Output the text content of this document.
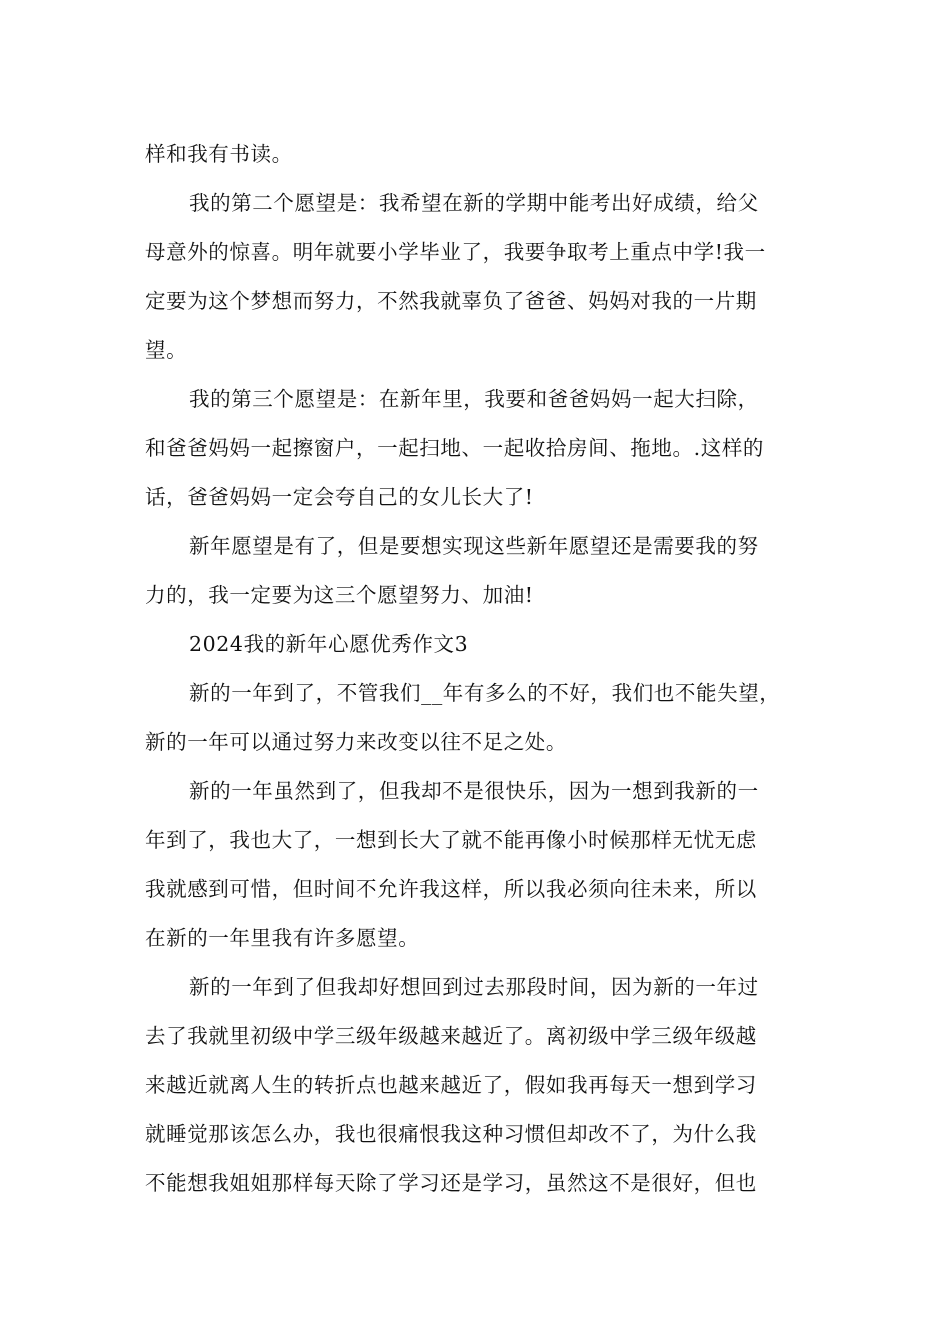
样和我有书读。
我的第二个愿望是：我希望在新的学期中能考出好成绩，给父
母意外的惊喜。明年就要小学毕业了，我要争取考上重点中学!我一
定要为这个梦想而努力，不然我就辜负了爸爸、妈妈对我的一片期
望。
我的第三个愿望是：在新年里，我要和爸爸妈妈一起大扫除，
和爸爸妈妈一起擦窗户，一起扫地、一起收拾房间、拖地。.这样的
话，爸爸妈妈一定会夸自己的女儿长大了!
新年愿望是有了，但是要想实现这些新年愿望还是需要我的努
力的，我一定要为这三个愿望努力、加油!
2024我的新年心愿优秀作文3
新的一年到了，不管我们__年有多么的不好，我们也不能失望，
新的一年可以通过努力来改变以往不足之处。
新的一年虽然到了，但我却不是很快乐，因为一想到我新的一
年到了，我也大了，一想到长大了就不能再像小时候那样无忧无虑
我就感到可惜，但时间不允许我这样，所以我必须向往未来，所以
在新的一年里我有许多愿望。
新的一年到了但我却好想回到过去那段时间，因为新的一年过
去了我就里初级中学三级年级越来越近了。离初级中学三级年级越
来越近就离人生的转折点也越来越近了，假如我再每天一想到学习
就睡觉那该怎么办，我也很痛恨我这种习惯但却改不了，为什么我
不能想我姐姐那样每天除了学习还是学习，虽然这不是很好，但也
